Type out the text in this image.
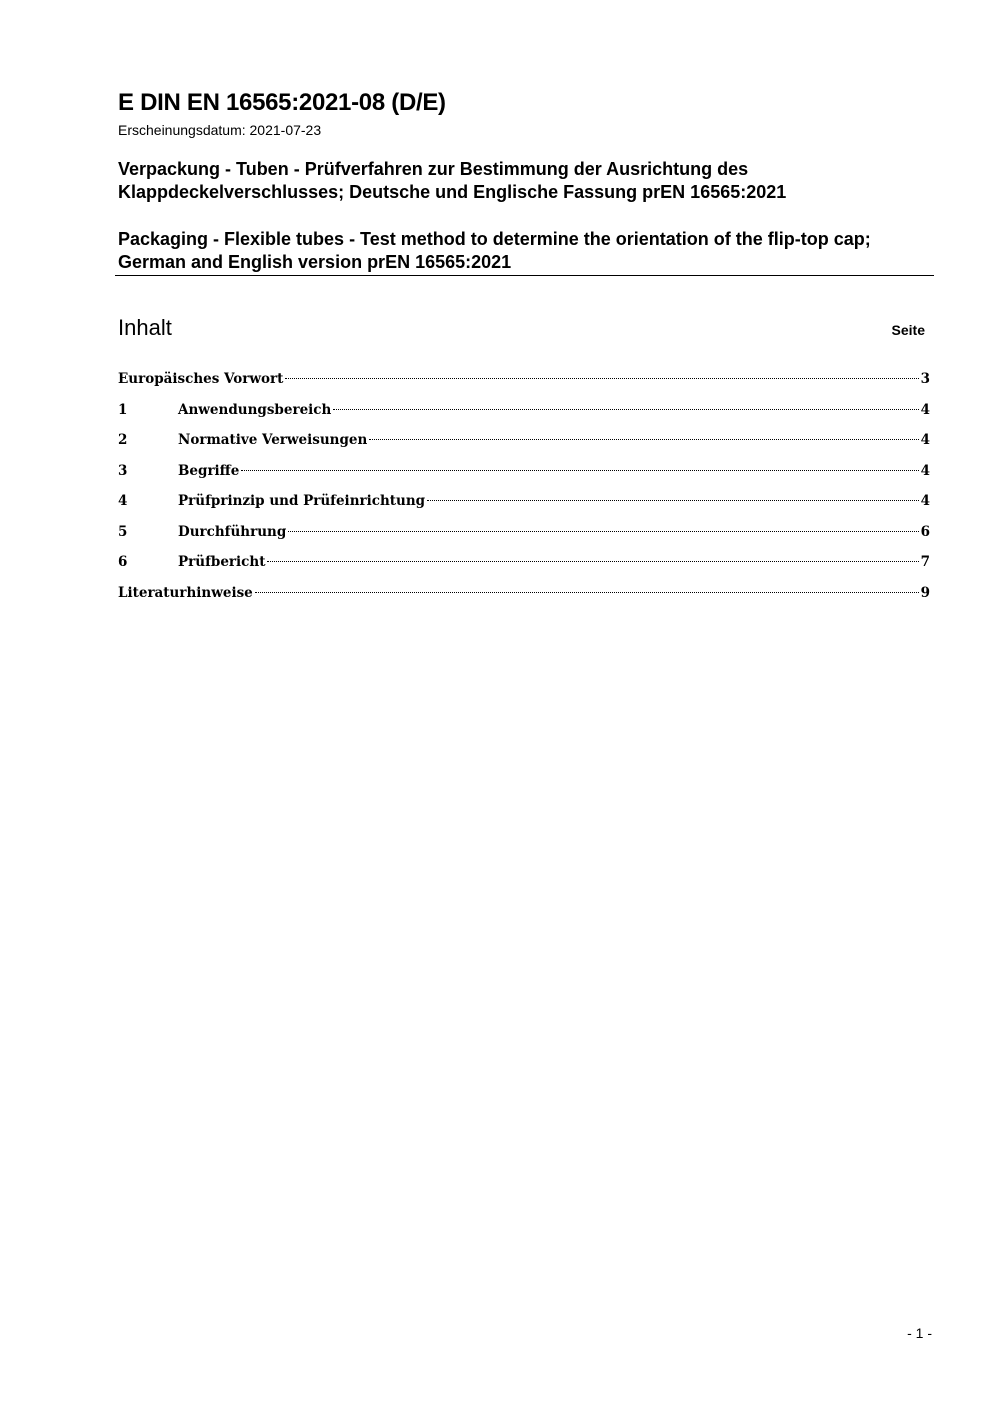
E DIN EN 16565:2021-08 (D/E)
Erscheinungsdatum: 2021-07-23
Verpackung - Tuben - Prüfverfahren zur Bestimmung der Ausrichtung des Klappdeckelverschlusses; Deutsche und Englische Fassung prEN 16565:2021
Packaging - Flexible tubes - Test method to determine the orientation of the flip-top cap; German and English version prEN 16565:2021
Inhalt	Seite
Europäisches Vorwort	3
1	Anwendungsbereich	4
2	Normative Verweisungen	4
3	Begriffe	4
4	Prüfprinzip und Prüfeinrichtung	4
5	Durchführung	6
6	Prüfbericht	7
Literaturhinweise	9
- 1 -
